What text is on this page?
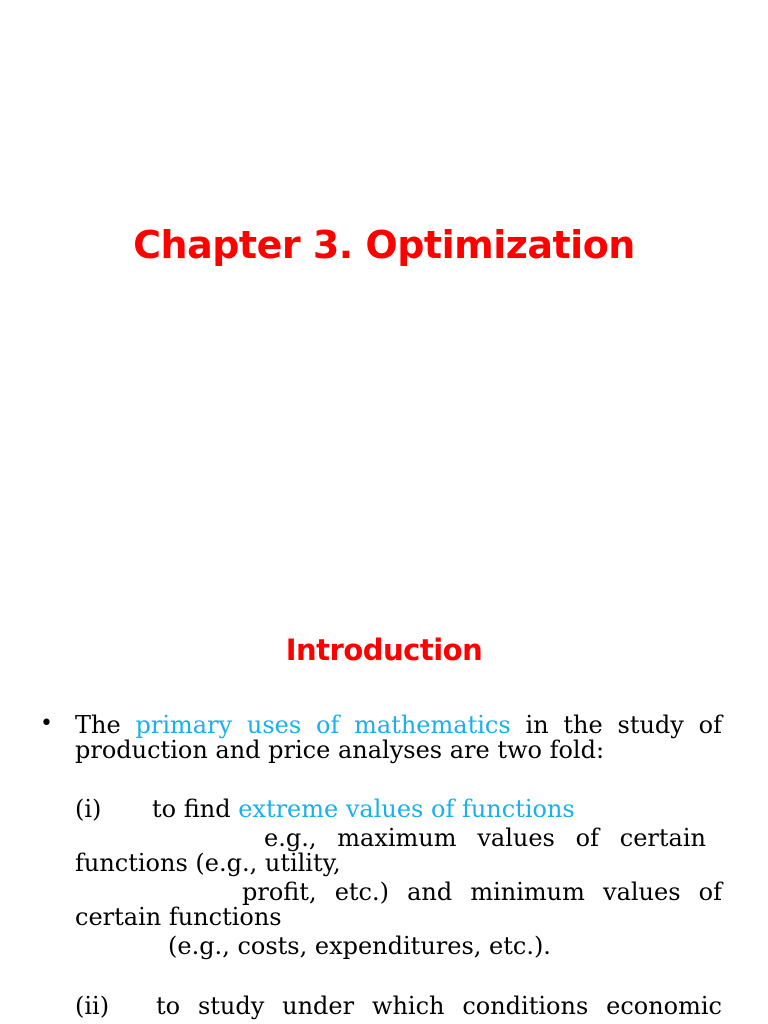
Chapter 3. Optimization
Introduction
• The primary uses of mathematics in the study of
production and price analyses are two fold:
(i) to find extreme values of functions
e.g., maximum values of certain
functions (e.g., utility,
profit, etc.) and minimum values of
certain functions
(e.g., costs, expenditures, etc.).
(ii) to study under which conditions economic
